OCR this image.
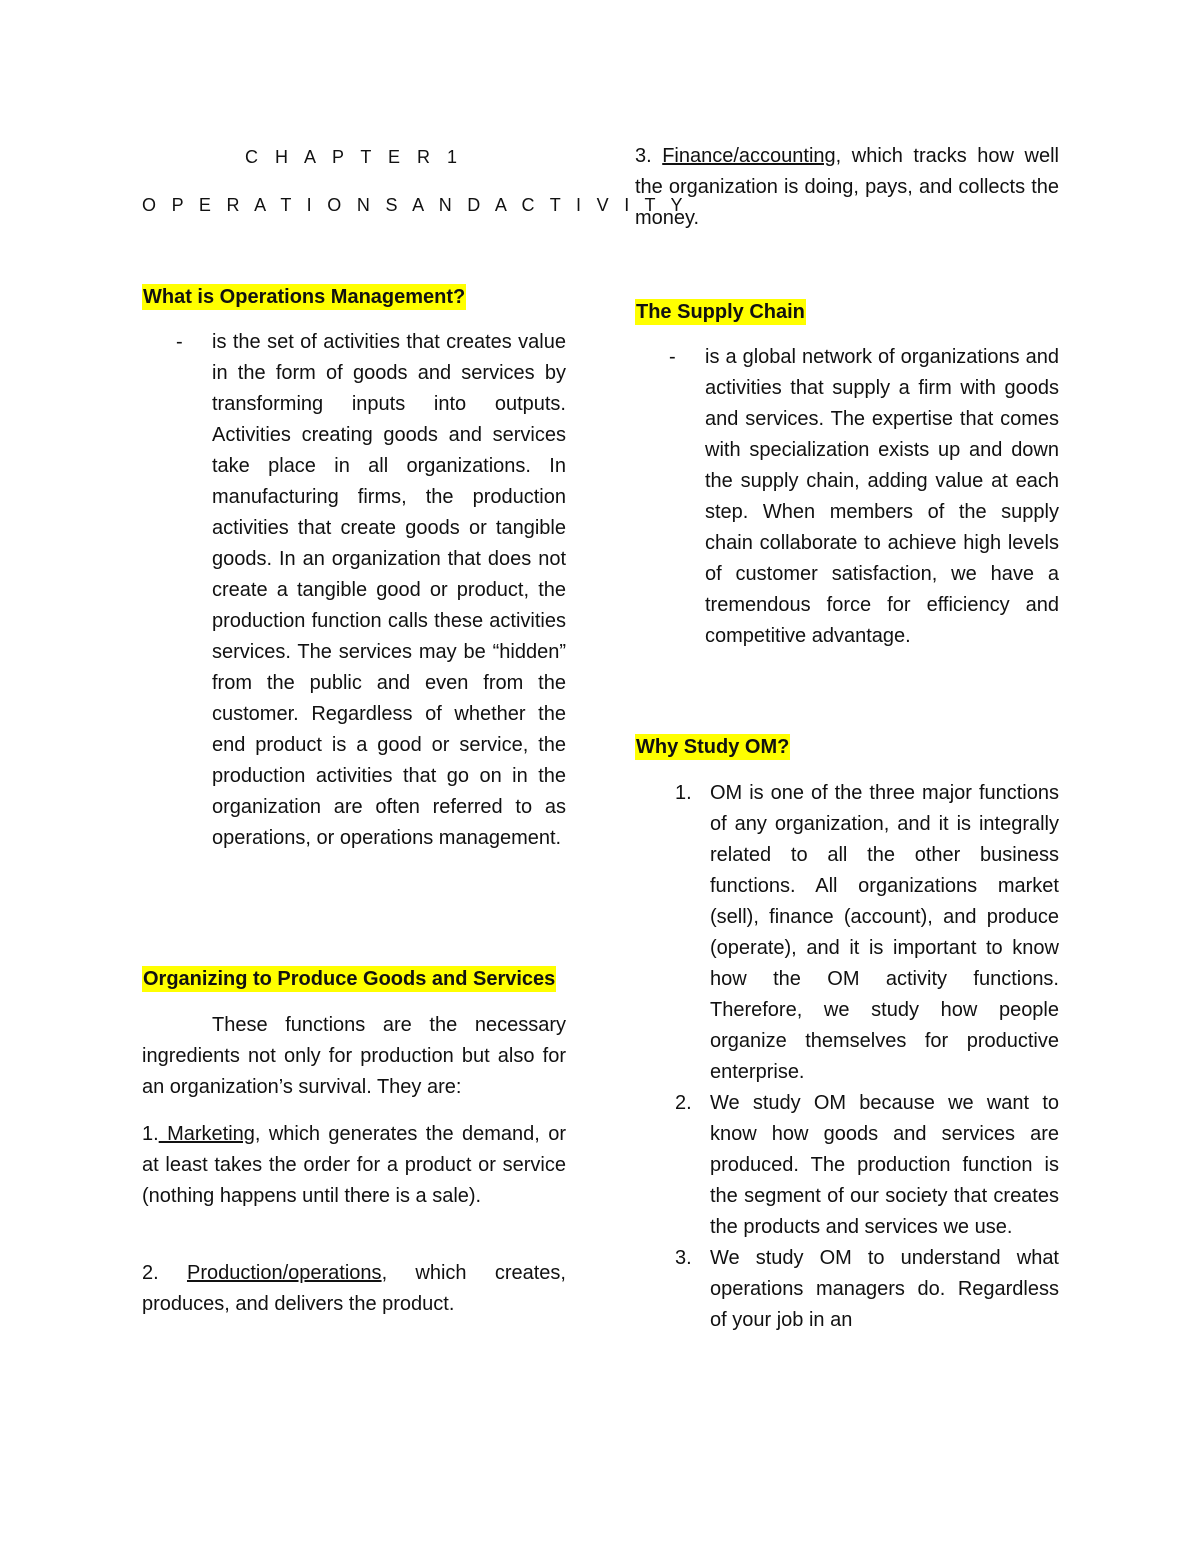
C H A P T E R 1
O P E R A T I O N S A N D A C T I V I T Y
What is Operations Management?
- is the set of activities that creates value in the form of goods and services by transforming inputs into outputs. Activities creating goods and services take place in all organizations. In manufacturing firms, the production activities that create goods or tangible goods. In an organization that does not create a tangible good or product, the production function calls these activities services. The services may be “hidden” from the public and even from the customer. Regardless of whether the end product is a good or service, the production activities that go on in the organization are often referred to as operations, or operations management.
Organizing to Produce Goods and Services
These functions are the necessary ingredients not only for production but also for an organization’s survival. They are:
1. Marketing, which generates the demand, or at least takes the order for a product or service (nothing happens until there is a sale).
2. Production/operations, which creates, produces, and delivers the product.
3. Finance/accounting, which tracks how well the organization is doing, pays, and collects the money.
The Supply Chain
- is a global network of organizations and activities that supply a firm with goods and services. The expertise that comes with specialization exists up and down the supply chain, adding value at each step. When members of the supply chain collaborate to achieve high levels of customer satisfaction, we have a tremendous force for efficiency and competitive advantage.
Why Study OM?
1. OM is one of the three major functions of any organization, and it is integrally related to all the other business functions. All organizations market (sell), finance (account), and produce (operate), and it is important to know how the OM activity functions. Therefore, we study how people organize themselves for productive enterprise.
2. We study OM because we want to know how goods and services are produced. The production function is the segment of our society that creates the products and services we use.
3. We study OM to understand what operations managers do. Regardless of your job in an
